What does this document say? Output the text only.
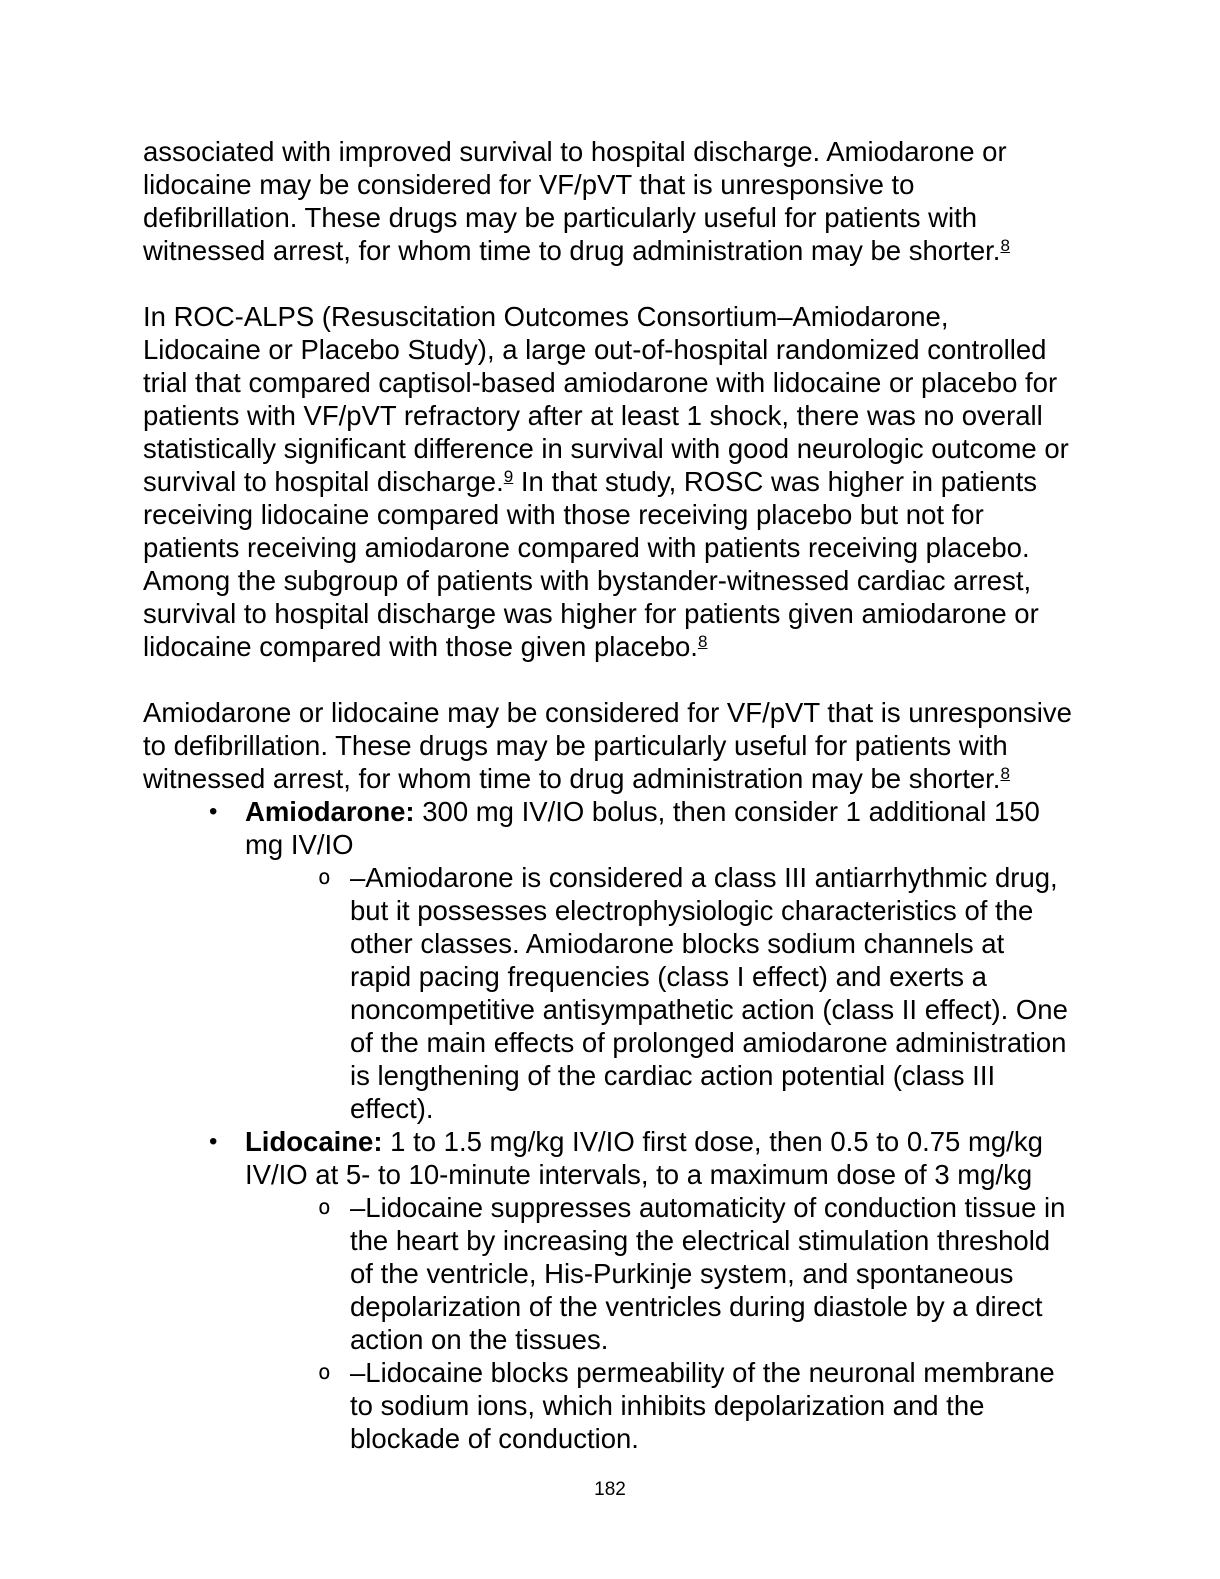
associated with improved survival to hospital discharge. Amiodarone or lidocaine may be considered for VF/pVT that is unresponsive to defibrillation. These drugs may be particularly useful for patients with witnessed arrest, for whom time to drug administration may be shorter.$^8$

In ROC-ALPS (Resuscitation Outcomes Consortium–Amiodarone, Lidocaine or Placebo Study), a large out-of-hospital randomized controlled trial that compared captisol-based amiodarone with lidocaine or placebo for patients with VF/pVT refractory after at least 1 shock, there was no overall statistically significant difference in survival with good neurologic outcome or survival to hospital discharge.$^9$ In that study, ROSC was higher in patients receiving lidocaine compared with those receiving placebo but not for patients receiving amiodarone compared with patients receiving placebo. Among the subgroup of patients with bystander-witnessed cardiac arrest, survival to hospital discharge was higher for patients given amiodarone or lidocaine compared with those given placebo.$^8$

Amiodarone or lidocaine may be considered for VF/pVT that is unresponsive to defibrillation. These drugs may be particularly useful for patients with witnessed arrest, for whom time to drug administration may be shorter.$^8$

•	Amiodarone: 300 mg IV/IO bolus, then consider 1 additional 150 mg IV/IO
o –Amiodarone is considered a class III antiarrhythmic drug, but it possesses electrophysiologic characteristics of the other classes. Amiodarone blocks sodium channels at rapid pacing frequencies (class I effect) and exerts a noncompetitive antisympathetic action (class II effect). One of the main effects of prolonged amiodarone administration is lengthening of the cardiac action potential (class III effect).
•	Lidocaine: 1 to 1.5 mg/kg IV/IO first dose, then 0.5 to 0.75 mg/kg IV/IO at 5- to 10-minute intervals, to a maximum dose of 3 mg/kg
o –Lidocaine suppresses automaticity of conduction tissue in the heart by increasing the electrical stimulation threshold of the ventricle, His-Purkinje system, and spontaneous depolarization of the ventricles during diastole by a direct action on the tissues.
o –Lidocaine blocks permeability of the neuronal membrane to sodium ions, which inhibits depolarization and the blockade of conduction.
182
